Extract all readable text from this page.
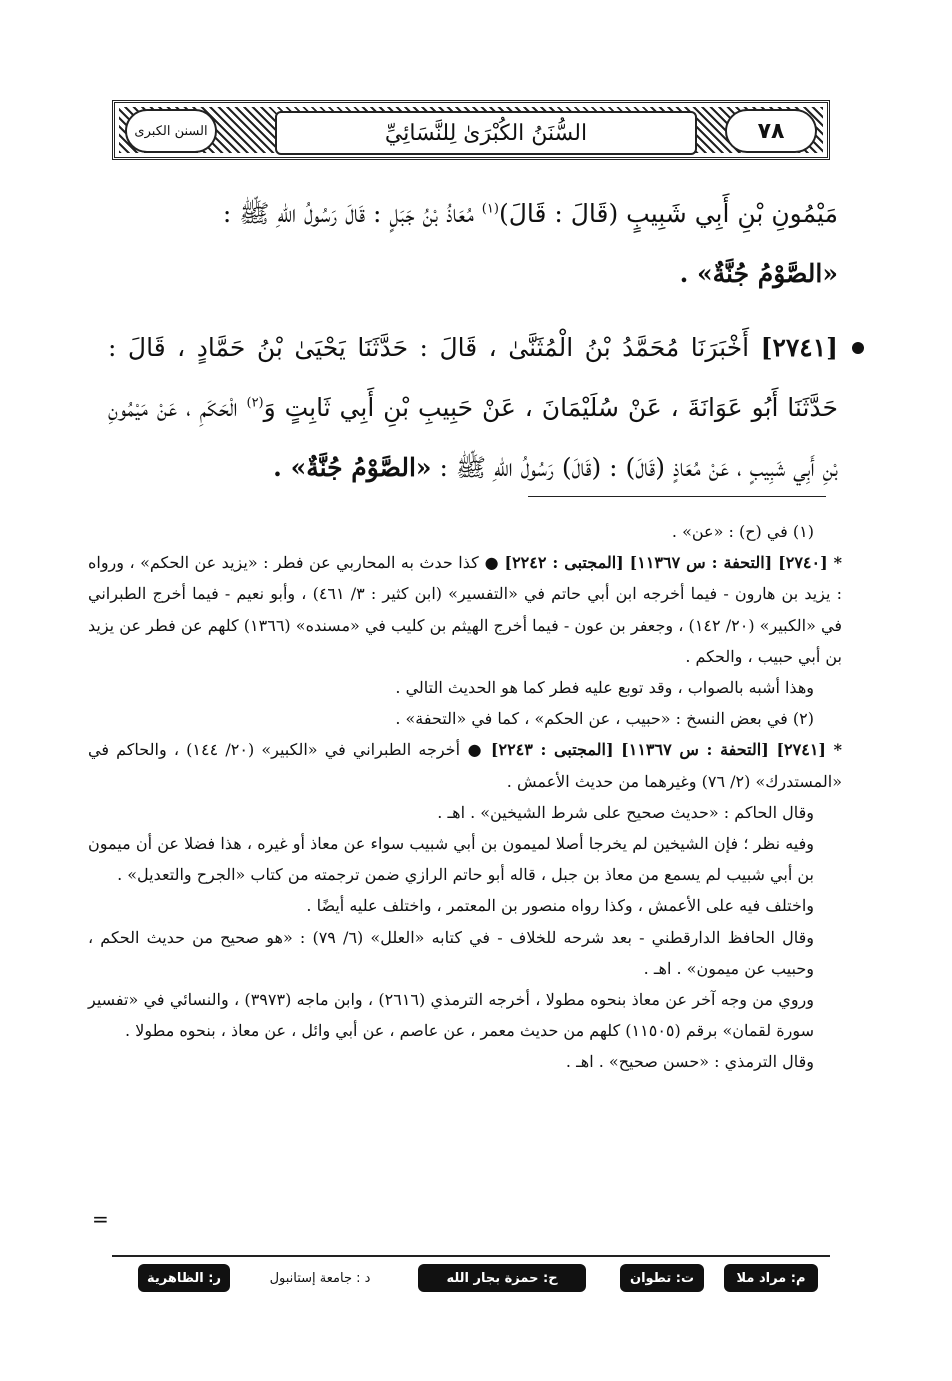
السنن الكبرى	السُّنَنُ الكُبْرَىٰ لِلنَّسَائِيِّ	٧٨
مَيْمُونِ بْنِ أَبِي شَبِيبٍ (قَالَ : قَالَ)$^{(١)}$ مُعَاذُ بْنُ جَبَلٍ : قَالَ رَسُولُ اللهِ ﷺ :
«الصَّوْمُ جُنَّةٌ» .
[٢٧٤١] أَخْبَرَنَا مُحَمَّدُ بْنُ الْمُثَنَّىٰ ، قَالَ : حَدَّثَنَا يَحْيَىٰ بْنُ حَمَّادٍ ، قَالَ : حَدَّثَنَا أَبُو عَوَانَةَ ، عَنْ سُلَيْمَانَ ، عَنْ حَبِيبِ بْنِ أَبِي ثَابِتٍ وَ$^{(٢)}$ الْحَكَمِ ، عَنْ مَيْمُونِ بْنِ أَبِي شَبِيبٍ ، عَنْ مُعَاذٍ (قَالَ) : (قَالَ) رَسُولُ اللهِ ﷺ : «الصَّوْمُ جُنَّةٌ» .

(١) في (ح) : «عن» .

* [٢٧٤٠] [التحفة : س ١١٣٦٧] [المجتبى : ٢٢٤٢] ● كذا حدث به المحاربي عن فطر : «يزيد عن الحكم» ، ورواه : يزيد بن هارون - فيما أخرجه ابن أبي حاتم في «التفسير» (ابن كثير : ٣/ ٤٦١) ، وأبو نعيم - فيما أخرج الطبراني في «الكبير» (٢٠/ ١٤٢) ، وجعفر بن عون - فيما أخرج الهيثم بن كليب في «مسنده» (١٣٦٦) كلهم عن فطر عن يزيد بن أبي حبيب ، والحكم .

وهذا أشبه بالصواب ، وقد توبع عليه فطر كما هو الحديث التالي .

(٢) في بعض النسخ : «حبيب ، عن الحكم» ، كما في «التحفة» .

* [٢٧٤١] [التحفة : س ١١٣٦٧] [المجتبى : ٢٢٤٣] ● أخرجه الطبراني في «الكبير» (٢٠/ ١٤٤) ، والحاكم في «المستدرك» (٢/ ٧٦) وغيرهما من حديث الأعمش .

وقال الحاكم : «حديث صحيح على شرط الشيخين» . اهـ .

وفيه نظر ؛ فإن الشيخين لم يخرجا أصلا لميمون بن أبي شبيب سواء عن معاذ أو غيره ، هذا فضلا عن أن ميمون بن أبي شبيب لم يسمع من معاذ بن جبل ، قاله أبو حاتم الرازي ضمن ترجمته من كتاب «الجرح والتعديل» .

واختلف فيه على الأعمش ، وكذا رواه منصور بن المعتمر ، واختلف عليه أيضًا .

وقال الحافظ الدارقطني - بعد شرحه للخلاف - في كتابه «العلل» (٦/ ٧٩) : «هو صحيح من حديث الحكم ، وحبيب عن ميمون» . اهـ .

وروي من وجه آخر عن معاذ بنحوه مطولا ، أخرجه الترمذي (٢٦١٦) ، وابن ماجه (٣٩٧٣) ، والنسائي في «تفسير سورة لقمان» برقم (١١٥٠٥) كلهم من حديث معمر ، عن عاصم ، عن أبي وائل ، عن معاذ ، بنحوه مطولا .

وقال الترمذي : «حسن صحيح» . اهـ .

=
م: مراد ملا
ت: تطوان
ح: حمزة بجار الله
د : جامعة إستانبول
ر: الظاهرية
